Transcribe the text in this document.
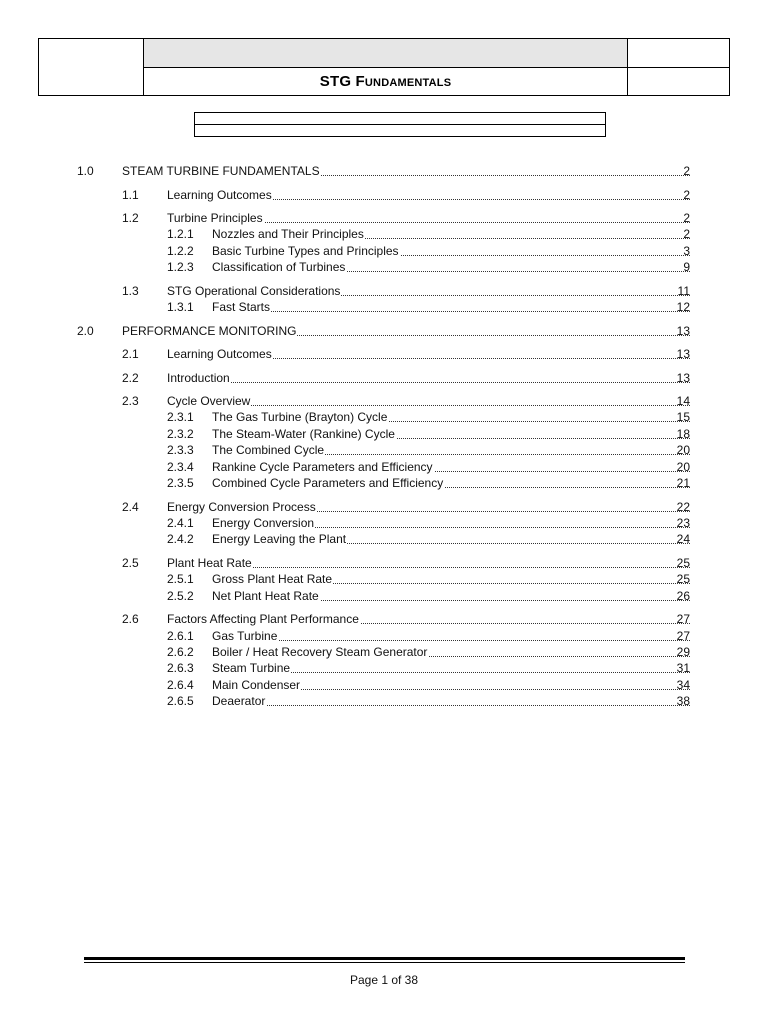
STG Fundamentals
1.0 STEAM TURBINE FUNDAMENTALS	2
1.1 Learning Outcomes	2
1.2 Turbine Principles	2
1.2.1 Nozzles and Their Principles	2
1.2.2 Basic Turbine Types and Principles	3
1.2.3 Classification of Turbines	9
1.3 STG Operational Considerations	11
1.3.1 Fast Starts	12
2.0 PERFORMANCE MONITORING	13
2.1 Learning Outcomes	13
2.2 Introduction	13
2.3 Cycle Overview	14
2.3.1 The Gas Turbine (Brayton) Cycle	15
2.3.2 The Steam-Water (Rankine) Cycle	18
2.3.3 The Combined Cycle	20
2.3.4 Rankine Cycle Parameters and Efficiency	20
2.3.5 Combined Cycle Parameters and Efficiency	21
2.4 Energy Conversion Process	22
2.4.1 Energy Conversion	23
2.4.2 Energy Leaving the Plant	24
2.5 Plant Heat Rate	25
2.5.1 Gross Plant Heat Rate	25
2.5.2 Net Plant Heat Rate	26
2.6 Factors Affecting Plant Performance	27
2.6.1 Gas Turbine	27
2.6.2 Boiler / Heat Recovery Steam Generator	29
2.6.3 Steam Turbine	31
2.6.4 Main Condenser	34
2.6.5 Deaerator	38
Page 1 of 38
